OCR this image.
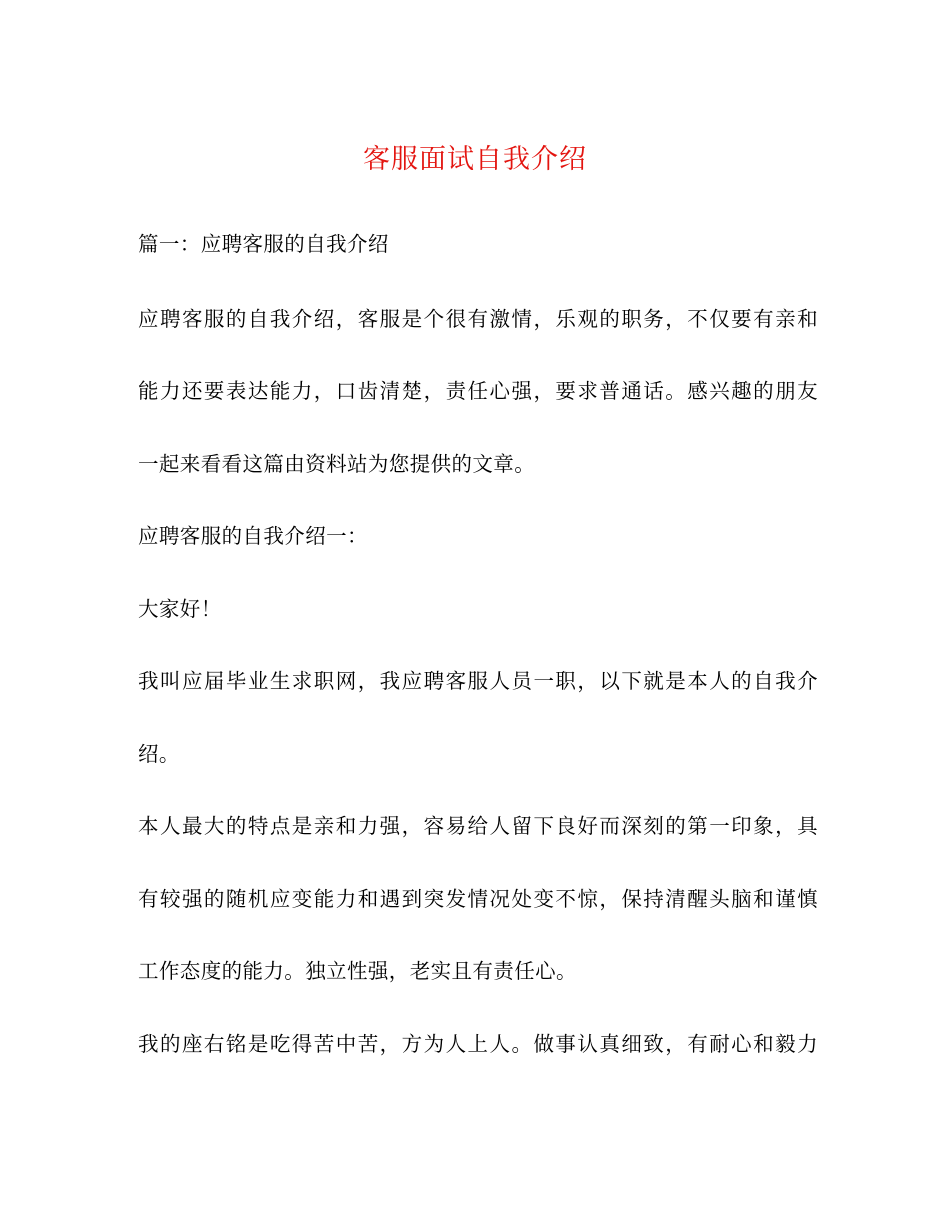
客服面试自我介绍
篇一：应聘客服的自我介绍
应聘客服的自我介绍，客服是个很有激情，乐观的职务，不仅要有亲和
能力还要表达能力，口齿清楚，责任心强，要求普通话。感兴趣的朋友
一起来看看这篇由资料站为您提供的文章。
应聘客服的自我介绍一：
大家好！
我叫应届毕业生求职网，我应聘客服人员一职，以下就是本人的自我介
绍。
本人最大的特点是亲和力强，容易给人留下良好而深刻的第一印象，具
有较强的随机应变能力和遇到突发情况处变不惊，保持清醒头脑和谨慎
工作态度的能力。独立性强，老实且有责任心。
我的座右铭是吃得苦中苦，方为人上人。做事认真细致，有耐心和毅力
